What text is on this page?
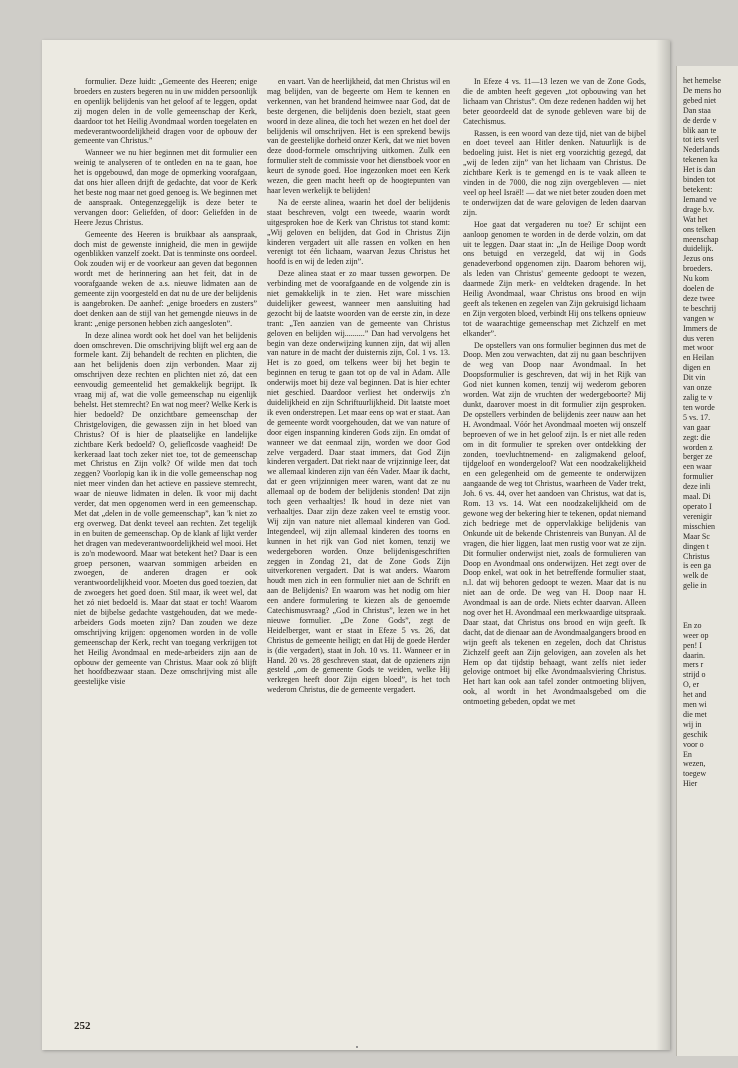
formulier. Deze luidt: „Gemeente des Heeren; enige broeders en zusters begeren nu in uw midden persoonlijk en openlijk belijdenis van het geloof af te leggen, opdat zij mogen delen in de volle gemeenschap der Kerk, daardoor tot het Heilig Avondmaal worden toegelaten en medeverantwoordelijkheid dragen voor de opbouw der gemeente van Christus.”

Wanneer we nu hier beginnen met dit formulier een weinig te analyseren of te ontleden en na te gaan, hoe het is opgebouwd, dan moge de opmerking voorafgaan, dat ons hier alleen drijft de gedachte, dat voor de Kerk het beste nog maar net goed genoeg is. We beginnen met de aanspraak. Ontegenzeggelijk is deze beter te vervangen door: Geliefden, of door: Geliefden in de Heere Jezus Christus.

Gemeente des Heeren is bruikbaar als aanspraak, doch mist de gewenste innigheid, die men in gewijde ogenblikken vanzelf zoekt. Dat is tenminste ons oordeel. Ook zouden wij er de voorkeur aan geven dat begonnen wordt met de herinnering aan het feit, dat in de voorafgaande weken de a.s. nieuwe lidmaten aan de gemeente zijn voorgesteld en dat nu de ure der belijdenis is aangebroken. De aanhef: „enige broeders en zusters” doet denken aan de stijl van het gemengde nieuws in de krant: „enige personen hebben zich aangesloten”.

In deze alinea wordt ook het doel van het belijdenis doen omschreven. Die omschrijving blijft wel erg aan de formele kant. Zij behandelt de rechten en plichten, die aan het belijdenis doen zijn verbonden. Maar zij omschrijven deze rechten en plichten niet zó, dat een eenvoudig gemeentelid het gemakkelijk begrijpt. Ik vraag mij af, wat die volle gemeenschap nu eigenlijk behelst. Het stemrecht? En wat nog meer? Welke Kerk is hier bedoeld? De onzichtbare gemeenschap der Christgelovigen, die gewassen zijn in het bloed van Christus? Of is hier de plaatselijke en landelijke zichtbare Kerk bedoeld? O, gelieflcosde vaagheid! De kerkeraad laat toch zeker niet toe, tot de gemeenschap met Christus en Zijn volk? Of wilde men dat toch zeggen? Voorlopig kan ik in die volle gemeenschap nog niet meer vinden dan het actieve en passieve stemrecht, waar de nieuwe lidmaten in delen. Ik voor mij dacht verder, dat men opgenomen werd in een gemeenschap. Met dat „delen in de volle gemeenschap”, kan 'k niet zo erg overweg. Dat denkt teveel aan rechten. Zet tegelijk in en buiten de gemeenschap. Op de klank af lijkt verder het dragen van medeverantwoordelijkheid wel mooi. Het is zo'n modewoord. Maar wat betekent het? Daar is een groep personen, waarvan sommigen arbeiden en zwoegen, de anderen dragen er ook verantwoordelijkheid voor. Moeten dus goed toezien, dat de zwoegers het goed doen. Stil maar, ik weet wel, dat het zó niet bedoeld is. Maar dat staat er toch! Waarom niet de bijbelse gedachte vastgehouden, dat we mede-arbeiders Gods moeten zijn? Dan zouden we deze omschrijving krijgen: opgenomen worden in de volle gemeenschap der Kerk, recht van toegang verkrijgen tot het Heilig Avondmaal en mede-arbeiders zijn aan de opbouw der gemeente van Christus. Maar ook zó blijft het hoofdbezwaar staan. Deze omschrijving mist alle geestelijke visie

en vaart. Van de heerlijkheid, dat men Christus wil en mag belijden, van de begeerte om Hem te kennen en verkennen, van het brandend heimwee naar God, dat de beste dergenen, die belijdenis doen bezielt, staat geen woord in deze alinea, die toch het wezen en het doel der belijdenis wil omschrijven. Het is een sprekend bewijs van de geestelijke dorheid onzer Kerk, dat we niet boven deze dood-formele omschrijving uitkomen. Zulk een formulier stelt de commissie voor het dienstboek voor en keurt de synode goed. Hoe ingezonken moet een Kerk wezen, die geen macht heeft op de hoogtepunten van haar leven werkelijk te belijden!

Na de eerste alinea, waarin het doel der belijdenis staat beschreven, volgt een tweede, waarin wordt uitgesproken hoe de Kerk van Christus tot stand komt: „Wij geloven en belijden, dat God in Christus Zijn kinderen vergadert uit alle rassen en volken en hen verenigt tot één lichaam, waarvan Jezus Christus het hoofd is en wij de leden zijn”.

Deze alinea staat er zo maar tussen geworpen. De verbinding met de voorafgaande en de volgende zin is niet gemakkelijk in te zien. Het ware misschien duidelijker geweest, wanneer men aansluiting had gezocht bij de laatste woorden van de eerste zin, in deze trant: „Ten aanzien van de gemeente van Christus geloven en belijden wij..........” Dan had vervolgens het begin van deze onderwijzing kunnen zijn, dat wij allen van nature in de macht der duisternis zijn, Col. 1 vs. 13. Het is zo goed, om telkens weer bij het begin te beginnen en terug te gaan tot op de val in Adam. Alle onderwijs moet bij deze val beginnen. Dat is hier echter niet geschied. Daardoor verliest het onderwijs z'n duidelijkheid en zijn Schriftuurlijkheid. Dit laatste moet ik even onderstrepen. Let maar eens op wat er staat. Aan de gemeente wordt voorgehouden, dat we van nature of door eigen inspanning kinderen Gods zijn. En omdat of wanneer we dat eenmaal zijn, worden we door God zelve vergaderd. Daar staat immers, dat God Zijn kinderen vergadert. Dat riekt naar de vrijzinnige leer, dat we allemaal kinderen zijn van één Vader. Maar ik dacht, dat er geen vrijzinnigen meer waren, want dat ze nu allemaal op de bodem der belijdenis stonden! Dat zijn toch geen verhaaltjes! Ik houd in deze niet van verhaaltjes. Daar zijn deze zaken veel te ernstig voor. Wij zijn van nature niet allemaal kinderen van God. Integendeel, wij zijn allemaal kinderen des toorns en kunnen in het rijk van God niet komen, tenzij we wedergeboren worden. Onze belijdenisgeschriften zeggen in Zondag 21, dat de Zone Gods Zijn uitverkorenen vergadert. Dat is wat anders. Waarom houdt men zich in een formulier niet aan de Schrift en aan de Belijdenis? En waarom was het nodig om hier een andere formulering te kiezen als de genoemde Catechismusvraag? „God in Christus”, lezen we in het nieuwe formulier. „De Zone Gods”, zegt de Heidelberger, want er staat in Efeze 5 vs. 26, dat Christus de gemeente heiligt; en dat Hij de goede Herder is (die vergadert), staat in Joh. 10 vs. 11. Wanneer er in Hand. 20 vs. 28 geschreven staat, dat de opzieners zijn gesteld „om de gemeente Gods te weiden, welke Hij verkregen heeft door Zijn eigen bloed”, is het toch wederom Christus, die de gemeente vergadert.

In Efeze 4 vs. 11—13 lezen we van de Zone Gods, die de ambten heeft gegeven „tot opbouwing van het lichaam van Christus”. Om deze redenen hadden wij het beter geoordeeld dat de synode gebleven ware bij de Catechismus.

Rassen, is een woord van deze tijd, niet van de bijbel en doet teveel aan Hitler denken. Natuurlijk is de bedoeling juist. Het is niet erg voorzichtig gezegd, dat „wij de leden zijn” van het lichaam van Christus. De zichtbare Kerk is te gemengd en is te vaak alleen te vinden in de 7000, die nog zijn overgebleven — niet veel op heel Israël! — dat we niet beter zouden doen met te onderwijzen dat de ware gelovigen de leden daarvan zijn.

Hoe gaat dat vergaderen nu toe? Er schijnt een aanloop genomen te worden in de derde volzin, om dat uit te leggen. Daar staat in: „In de Heilige Doop wordt ons betuigd en verzegeld, dat wij in Gods genadeverbond opgenomen zijn. Daarom behoren wij, als leden van Christus' gemeente gedoopt te wezen, daarmede Zijn merk- en veldteken dragende. In het Heilig Avondmaal, waar Christus ons brood en wijn geeft als tekenen en zegelen van Zijn gekruisigd lichaam en Zijn vergoten bloed, verbindt Hij ons telkens opnieuw tot de waarachtige gemeenschap met Zichzelf en met elkander”.

De opstellers van ons formulier beginnen dus met de Doop. Men zou verwachten, dat zij nu gaan beschrijven de weg van Doop naar Avondmaal. In het Doopsformulier is geschreven, dat wij in het Rijk van God niet kunnen komen, tenzij wij wederom geboren worden. Wat zijn de vruchten der wedergeboorte? Mij dunkt, daarover moest in dit formulier zijn gesproken. De opstellers verbinden de belijdenis zeer nauw aan het H. Avondmaal. Vóór het Avondmaal moeten wij onszelf beproeven of we in het geloof zijn. Is er niet alle reden om in dit formulier te spreken over ontdekking der zonden, toevluchtnemend- en zaligmakend geloof, tijdgeloof en wondergeloof? Wat een noodzakelijkheid en een gelegenheid om de gemeente te onderwijzen aangaande de weg tot Christus, waarheen de Vader trekt, Joh. 6 vs. 44, over het aandoen van Christus, wat dat is, Rom. 13 vs. 14. Wat een noodzakelijkheid om de gewone weg der bekering hier te tekenen, opdat niemand zich bedriege met de oppervlakkige belijdenis van Onkunde uit de bekende Christenreis van Bunyan. Al de vragen, die hier liggen, laat men rustig voor wat ze zijn. Dit formulier onderwijst niet, zoals de formulieren van Doop en Avondmaal ons onderwijzen. Het zegt over de Doop enkel, wat ook in het betreffende formulier staat, n.l. dat wij behoren gedoopt te wezen. Maar dat is nu niet aan de orde. De weg van H. Doop naar H. Avondmaal is aan de orde. Niets echter daarvan. Alleen nog over het H. Avondmaal een merkwaardige uitspraak. Daar staat, dat Christus ons brood en wijn geeft. Ik dacht, dat de dienaar aan de Avondmaalgangers brood en wijn geeft als tekenen en zegelen, doch dat Christus Zichzelf geeft aan Zijn gelovigen, aan zovelen als het Hem op dat tijdstip behaagt, want zelfs niet ieder gelovige ontmoet bij elke Avondmaalsviering Christus. Het hart kan ook aan tafel zonder ontmoeting blijven, ook, al wordt in het Avondmaalsgebed om die ontmoeting gebeden, opdat we met

252

het hemelse

De mens ho

gebed niet

Dan staa

de derde v

blik aan te

tot iets verl

Nederlands

tekenen ka

Het is dan

binden tot

betekent:

Iemand ve

drage b.v.

Wat het

ons telken

meenschap

duidelijk.

Jezus ons

broeders.

Nu kom

doelen de

deze twee

te beschrij

vangen w

Immers de

dus veren

met woor

en Heilan

digen en

Dit vin

van onze

zalig te v

ten worde

5 vs. 17.

van gaar

zegt: die

worden z

berger ze

een waar

formulier

deze inli

maal. Di

operato I

verenigir

misschien

Maar Sc

dingen t

Christus

is een ga

welk de

gelie in

En zo

weer op

pen! I

daarin.

mers r

strijd o

O, er

het and

men wi

die met

wij in

geschik

voor o

En

wezen,

toegew

Hier
